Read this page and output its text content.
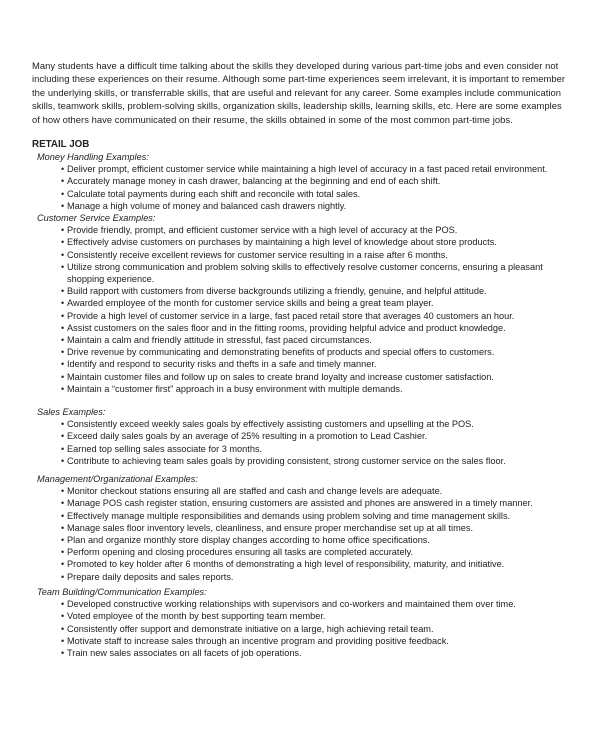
Many students have a difficult time talking about the skills they developed during various part-time jobs and even consider not including these experiences on their resume. Although some part-time experiences seem irrelevant, it is important to remember the underlying skills, or transferrable skills, that are useful and relevant for any career. Some examples include communication skills, teamwork skills, problem-solving skills, organization skills, leadership skills, learning skills, etc. Here are some examples of how others have communicated on their resume, the skills obtained in some of the most common part-time jobs.

RETAIL JOB

Money Handling Examples:

• Deliver prompt, efficient customer service while maintaining a high level of accuracy in a fast paced retail environment.
• Accurately manage money in cash drawer, balancing at the beginning and end of each shift.
• Calculate total payments during each shift and reconcile with total sales.
• Manage a high volume of money and balanced cash drawers nightly.

Customer Service Examples:

• Provide friendly, prompt, and efficient customer service with a high level of accuracy at the POS.
• Effectively advise customers on purchases by maintaining a high level of knowledge about store products.
• Consistently receive excellent reviews for customer service resulting in a raise after 6 months.
• Utilize strong communication and problem solving skills to effectively resolve customer concerns, ensuring a pleasant shopping experience.
• Build rapport with customers from diverse backgrounds utilizing a friendly, genuine, and helpful attitude.
• Awarded employee of the month for customer service skills and being a great team player.
• Provide a high level of customer service in a large, fast paced retail store that averages 40 customers an hour.
• Assist customers on the sales floor and in the fitting rooms, providing helpful advice and product knowledge.
• Maintain a calm and friendly attitude in stressful, fast paced circumstances.
• Drive revenue by communicating and demonstrating benefits of products and special offers to customers.
• Identify and respond to security risks and thefts in a safe and timely manner.
• Maintain customer files and follow up on sales to create brand loyalty and increase customer satisfaction.
• Maintain a “customer first” approach in a busy environment with multiple demands.

Sales Examples:

• Consistently exceed weekly sales goals by effectively assisting customers and upselling at the POS.
• Exceed daily sales goals by an average of 25% resulting in a promotion to Lead Cashier.
• Earned top selling sales associate for 3 months.
• Contribute to achieving team sales goals by providing consistent, strong customer service on the sales floor.

Management/Organizational Examples:

• Monitor checkout stations ensuring all are staffed and cash and change levels are adequate.
• Manage POS cash register station, ensuring customers are assisted and phones are answered in a timely manner.
• Effectively manage multiple responsibilities and demands using problem solving and time management skills.
• Manage sales floor inventory levels, cleanliness, and ensure proper merchandise set up at all times.
• Plan and organize monthly store display changes according to home office specifications.
• Perform opening and closing procedures ensuring all tasks are completed accurately.
• Promoted to key holder after 6 months of demonstrating a high level of responsibility, maturity, and initiative.
• Prepare daily deposits and sales reports.

Team Building/Communication Examples:

• Developed constructive working relationships with supervisors and co-workers and maintained them over time.
• Voted employee of the month by best supporting team member.
• Consistently offer support and demonstrate initiative on a large, high achieving retail team.
• Motivate staff to increase sales through an incentive program and providing positive feedback.
• Train new sales associates on all facets of job operations.
